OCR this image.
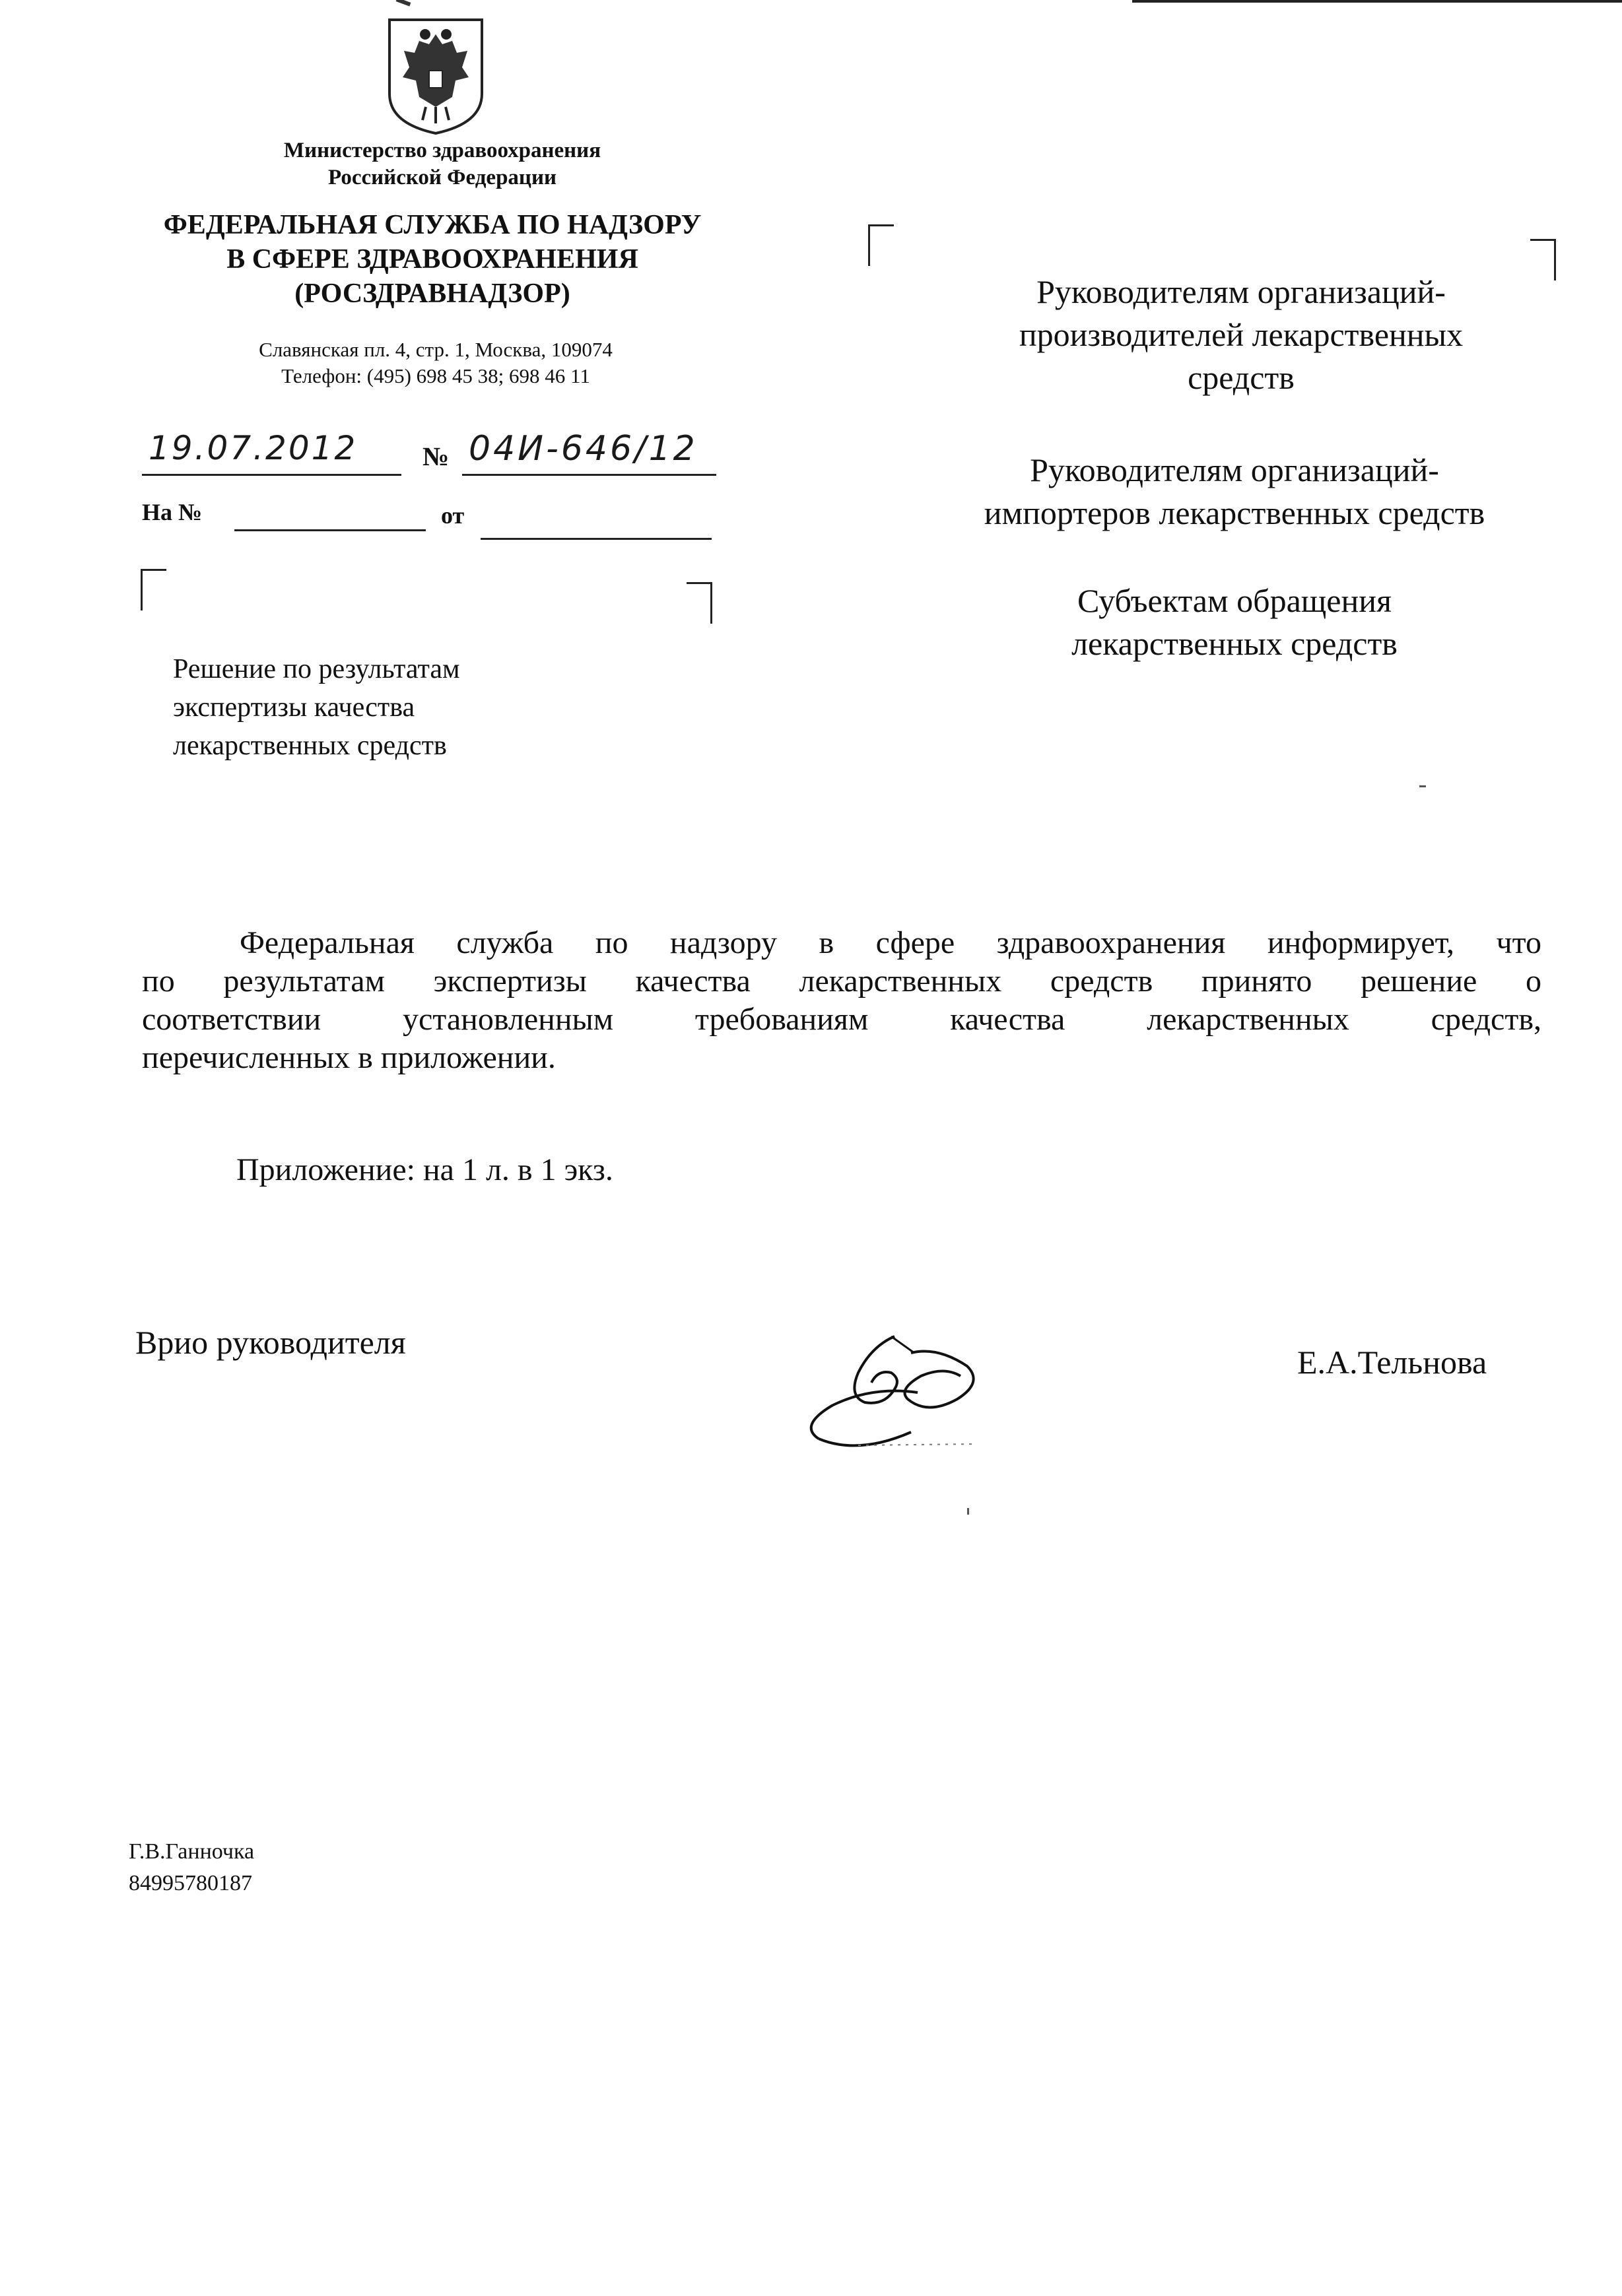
Министерство здравоохранения
Российской Федерации
ФЕДЕРАЛЬНАЯ СЛУЖБА ПО НАДЗОРУ
В СФЕРЕ ЗДРАВООХРАНЕНИЯ
(РОСЗДРАВНАДЗОР)
Славянская пл. 4, стр. 1, Москва, 109074
Телефон: (495) 698 45 38; 698 46 11
19.07.2012	№ 04И-646/12
На №	от
Решение по результатам
экспертизы качества
лекарственных средств
Руководителям организаций-
производителей лекарственных
средств
Руководителям организаций-
импортеров лекарственных средств
Субъектам обращения
лекарственных средств
Федеральная служба по надзору в сфере здравоохранения информирует, что
по результатам экспертизы качества лекарственных средств принято решение о
соответствии установленным требованиям качества лекарственных средств,
перечисленных в приложении.
Приложение: на 1 л. в 1 экз.
Врио руководителя
Е.А.Тельнова
Г.В.Ганночка
84995780187
